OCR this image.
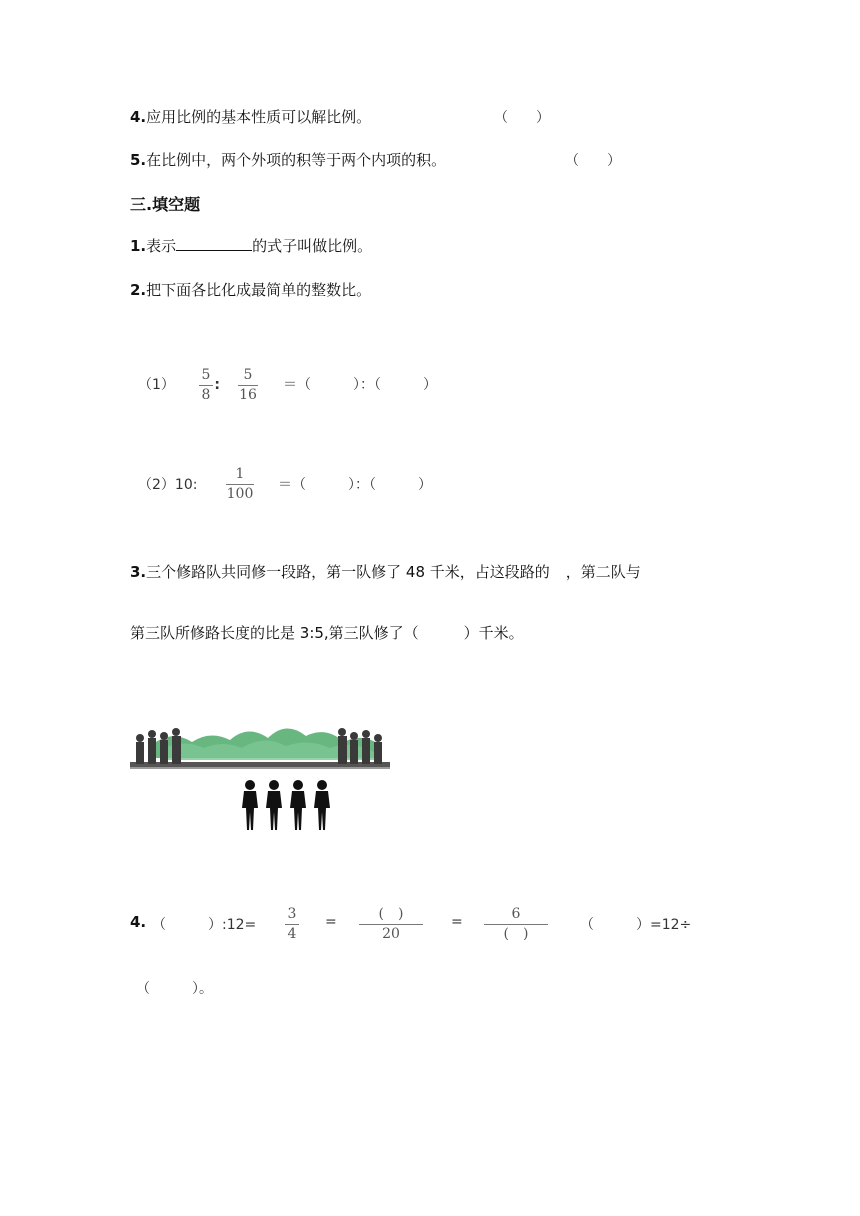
4.应用比例的基本性质可以解比例。	（　　）
5.在比例中，两个外项的积等于两个内项的积。	（　　）
三.填空题
1.表示	的式子叫做比例。
2.把下面各比化成最简单的整数比。
（1）
5
8
∶
5
16
＝（　　　）：（　　　）
（2）10:
1
100
＝（　　　）：（　　　）
3.三个修路队共同修一段路，第一队修了 48 千米，占这段路的 ，第二队与
第三队所修路长度的比是 3:5,第三队修了（　　　）千米。
4. （　　　）:12=
3
4
=	(　)
20
=	6
(　)
（　　　）=12÷
（　　　）。
